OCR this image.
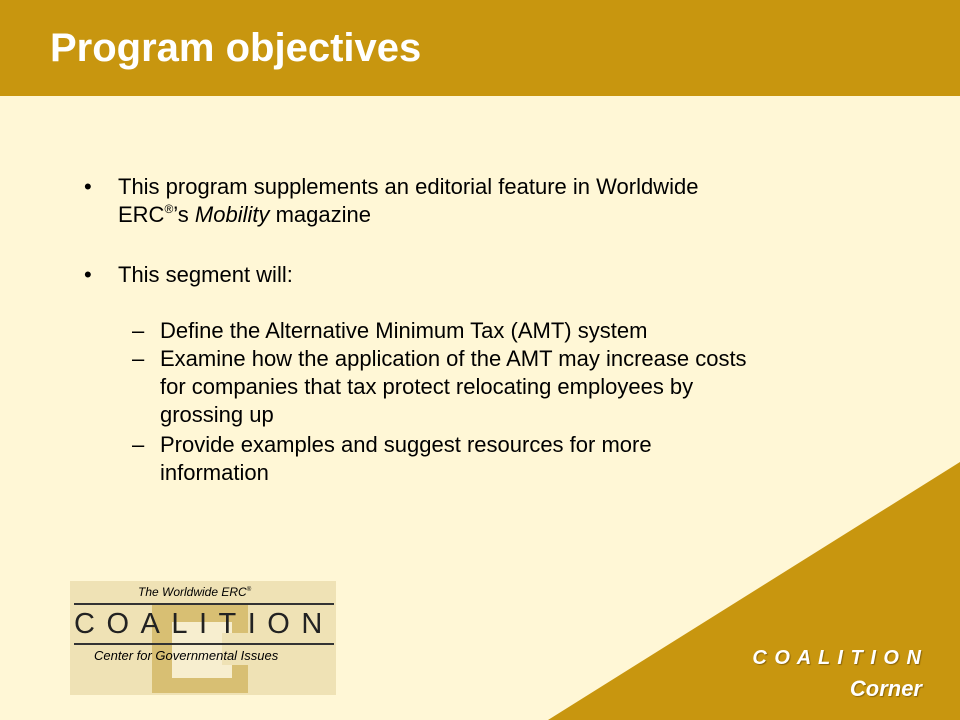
Program objectives
• This program supplements an editorial feature in Worldwide
ERC®’s Mobility magazine
• This segment will:
– Define the Alternative Minimum Tax (AMT) system
– Examine how the application of the AMT may increase costs
for companies that tax protect relocating employees by
grossing up
– Provide examples and suggest resources for more
information
The Worldwide ERC®
COALITION
Center for Governmental Issues	C O A L I T I O N
Corner
